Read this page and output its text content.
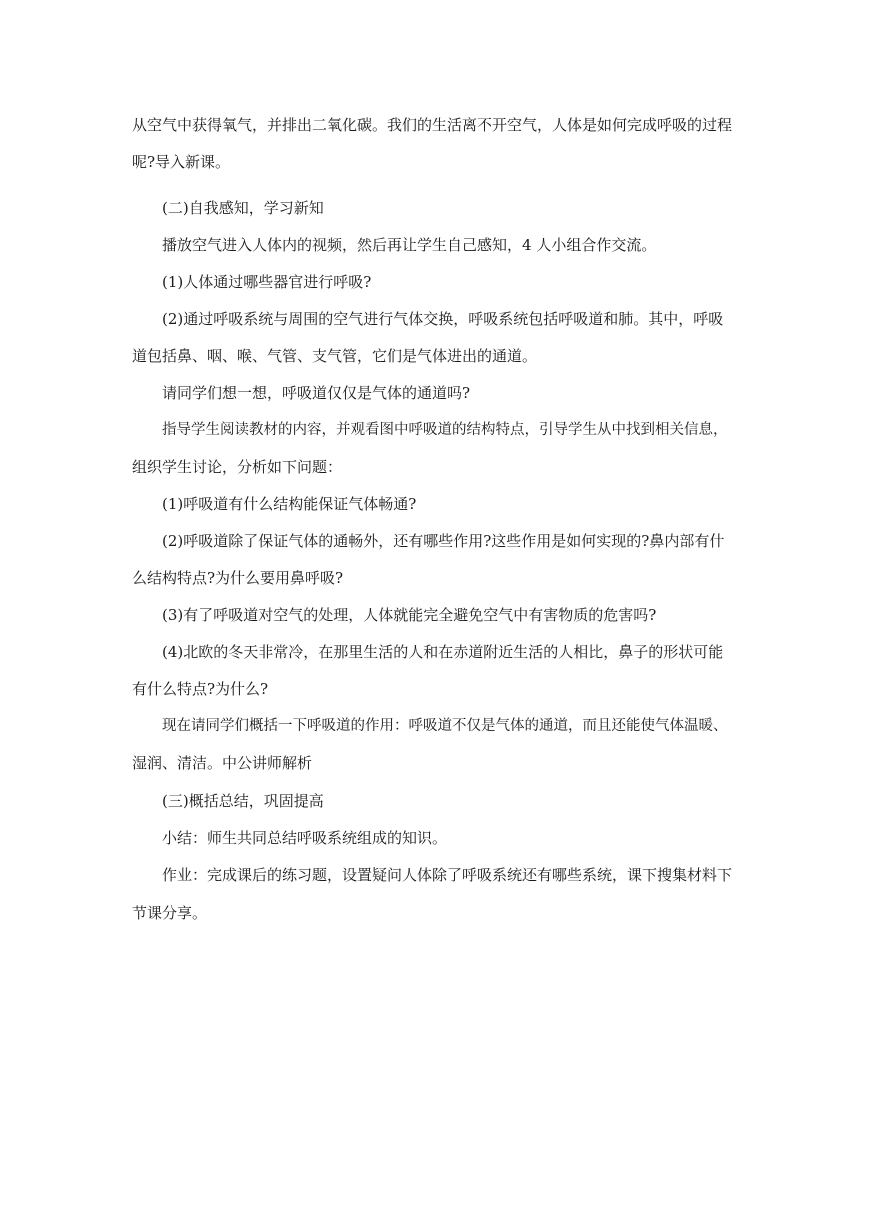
从空气中获得氧气，并排出二氧化碳。我们的生活离不开空气，人体是如何完成呼吸的过程
呢?导入新课。
(二)自我感知，学习新知
播放空气进入人体内的视频，然后再让学生自己感知，4 人小组合作交流。
(1)人体通过哪些器官进行呼吸?
(2)通过呼吸系统与周围的空气进行气体交换，呼吸系统包括呼吸道和肺。其中，呼吸
道包括鼻、咽、喉、气管、支气管，它们是气体进出的通道。
请同学们想一想，呼吸道仅仅是气体的通道吗?
指导学生阅读教材的内容，并观看图中呼吸道的结构特点，引导学生从中找到相关信息，
组织学生讨论，分析如下问题：
(1)呼吸道有什么结构能保证气体畅通?
(2)呼吸道除了保证气体的通畅外，还有哪些作用?这些作用是如何实现的?鼻内部有什
么结构特点?为什么要用鼻呼吸?
(3)有了呼吸道对空气的处理，人体就能完全避免空气中有害物质的危害吗?
(4)北欧的冬天非常冷，在那里生活的人和在赤道附近生活的人相比，鼻子的形状可能
有什么特点?为什么?
现在请同学们概括一下呼吸道的作用：呼吸道不仅是气体的通道，而且还能使气体温暖、
湿润、清洁。中公讲师解析
(三)概括总结，巩固提高
小结：师生共同总结呼吸系统组成的知识。
作业：完成课后的练习题，设置疑问人体除了呼吸系统还有哪些系统，课下搜集材料下
节课分享。
